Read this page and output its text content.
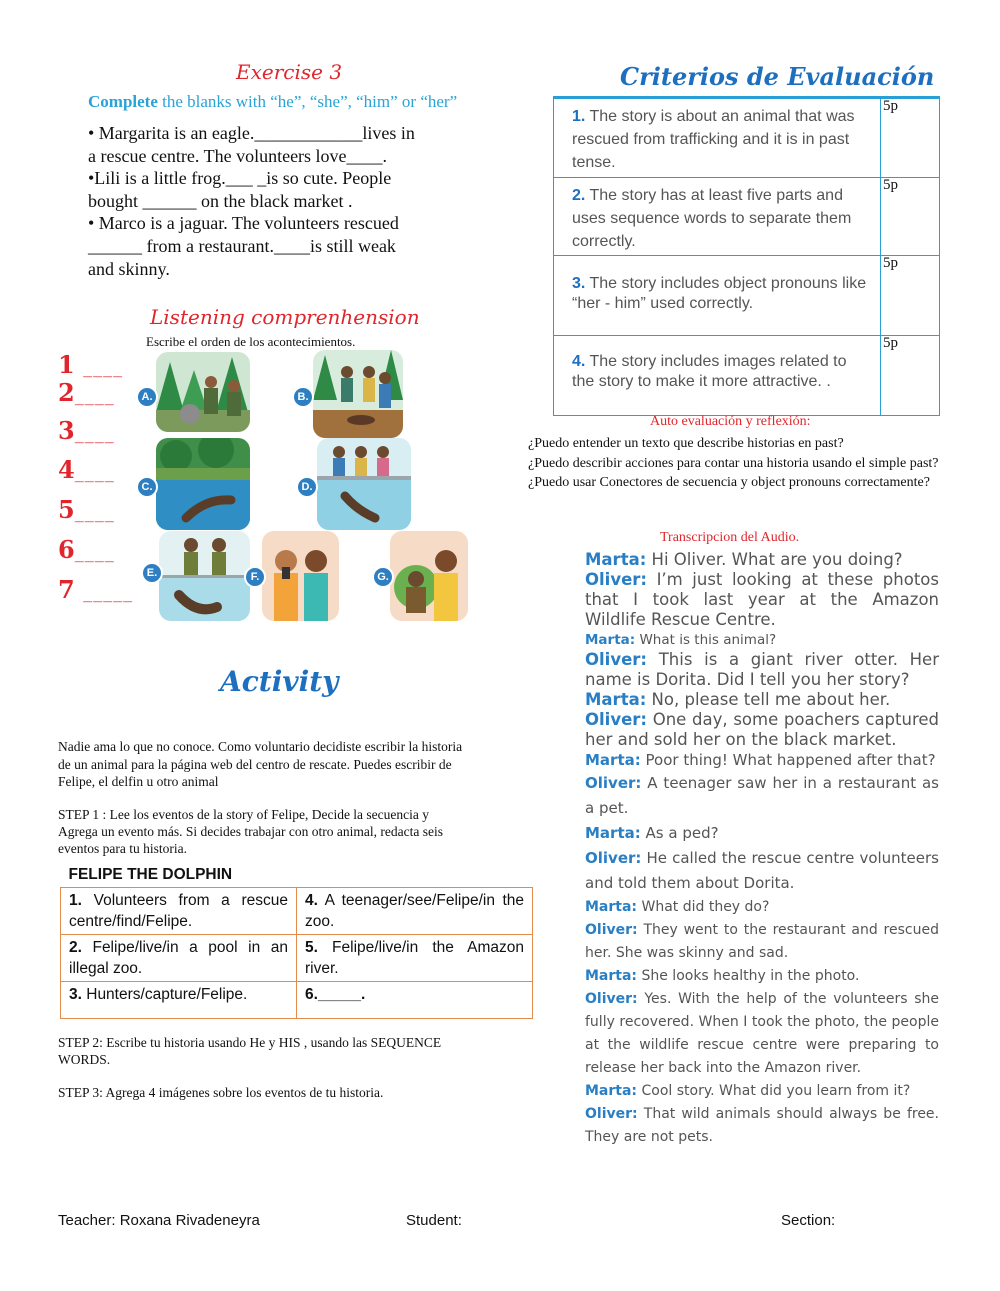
Exercise 3
Complete the blanks with “he”, “she”, “him” or “her”

• Margarita is an eagle.____________lives in

a rescue centre. The volunteers love____.

•Lili is a little frog.___ _is so cute. People

bought ______ on the black market .

• Marco is a jaguar. The volunteers rescued

______ from a restaurant.____is still weak

and skinny.

Listening comprenhension
Escribe el orden de los acontecimientos.
1 ____
2____
3____
4____
5____
6____
7 _____
A.	B.
C.	D.
E.	F.	G.
Activity
Nadie ama lo que no conoce. Como voluntario decidiste escribir la historia de un animal para la página web del centro de rescate. Puedes escribir de Felipe, el delfin u otro animal
STEP 1 : Lee los eventos de la story of Felipe, Decide la secuencia y Agrega un evento más. Si decides trabajar con otro animal, redacta seis eventos para tu historia.
FELIPE THE DOLPHIN	
1. Volunteers from a rescue centre/find/Felipe.	4. A teenager/see/Felipe/in the zoo.
2. Felipe/live/in a pool in an illegal zoo.	5. Felipe/live/in the Amazon river.
3. Hunters/capture/Felipe.	6._____.
STEP 2: Escribe tu historia usando He y HIS , usando las SEQUENCE WORDS.
STEP 3: Agrega 4 imágenes sobre los eventos de tu historia.
Criterios de Evaluación
1. The story is about an animal that was rescued from trafficking and it is in past tense.	5p
2. The story has at least five parts and uses sequence words to separate them correctly.	5p
3. The story includes object pronouns like “her - him” used correctly.	5p
4. The story includes images related to the story to make it more attractive. .	5p
Auto evaluación y reflexión:

¿Puedo entender un texto que describe historias en past?

¿Puedo describir acciones para contar una historia usando el simple past?

¿Puedo usar Conectores de secuencia y object pronouns correctamente?

Transcripcion del Audio.

Marta: Hi Oliver. What are you doing?

Oliver: I’m just looking at these photos that I took last year at the Amazon Wildlife Rescue Centre.

Marta: What is this animal?

Oliver: This is a giant river otter. Her name is Dorita. Did I tell you her story?

Marta: No, please tell me about her.

Oliver: One day, some poachers captured her and sold her on the black market.

Marta: Poor thing! What happened after that?

Oliver: A teenager saw her in a restaurant as a pet.

Marta: As a ped?

Oliver: He called the rescue centre volunteers and told them about Dorita.

Marta: What did they do?

Oliver: They went to the restaurant and rescued her. She was skinny and sad.

Marta: She looks healthy in the photo.

Oliver: Yes. With the help of the volunteers she fully recovered. When I took the photo, the people at the wildlife rescue centre were preparing to release her back into the Amazon river.

Marta: Cool story. What did you learn from it?

Oliver: That wild animals should always be free. They are not pets.

Teacher: Roxana Rivadeneyra	Student:	Section:
